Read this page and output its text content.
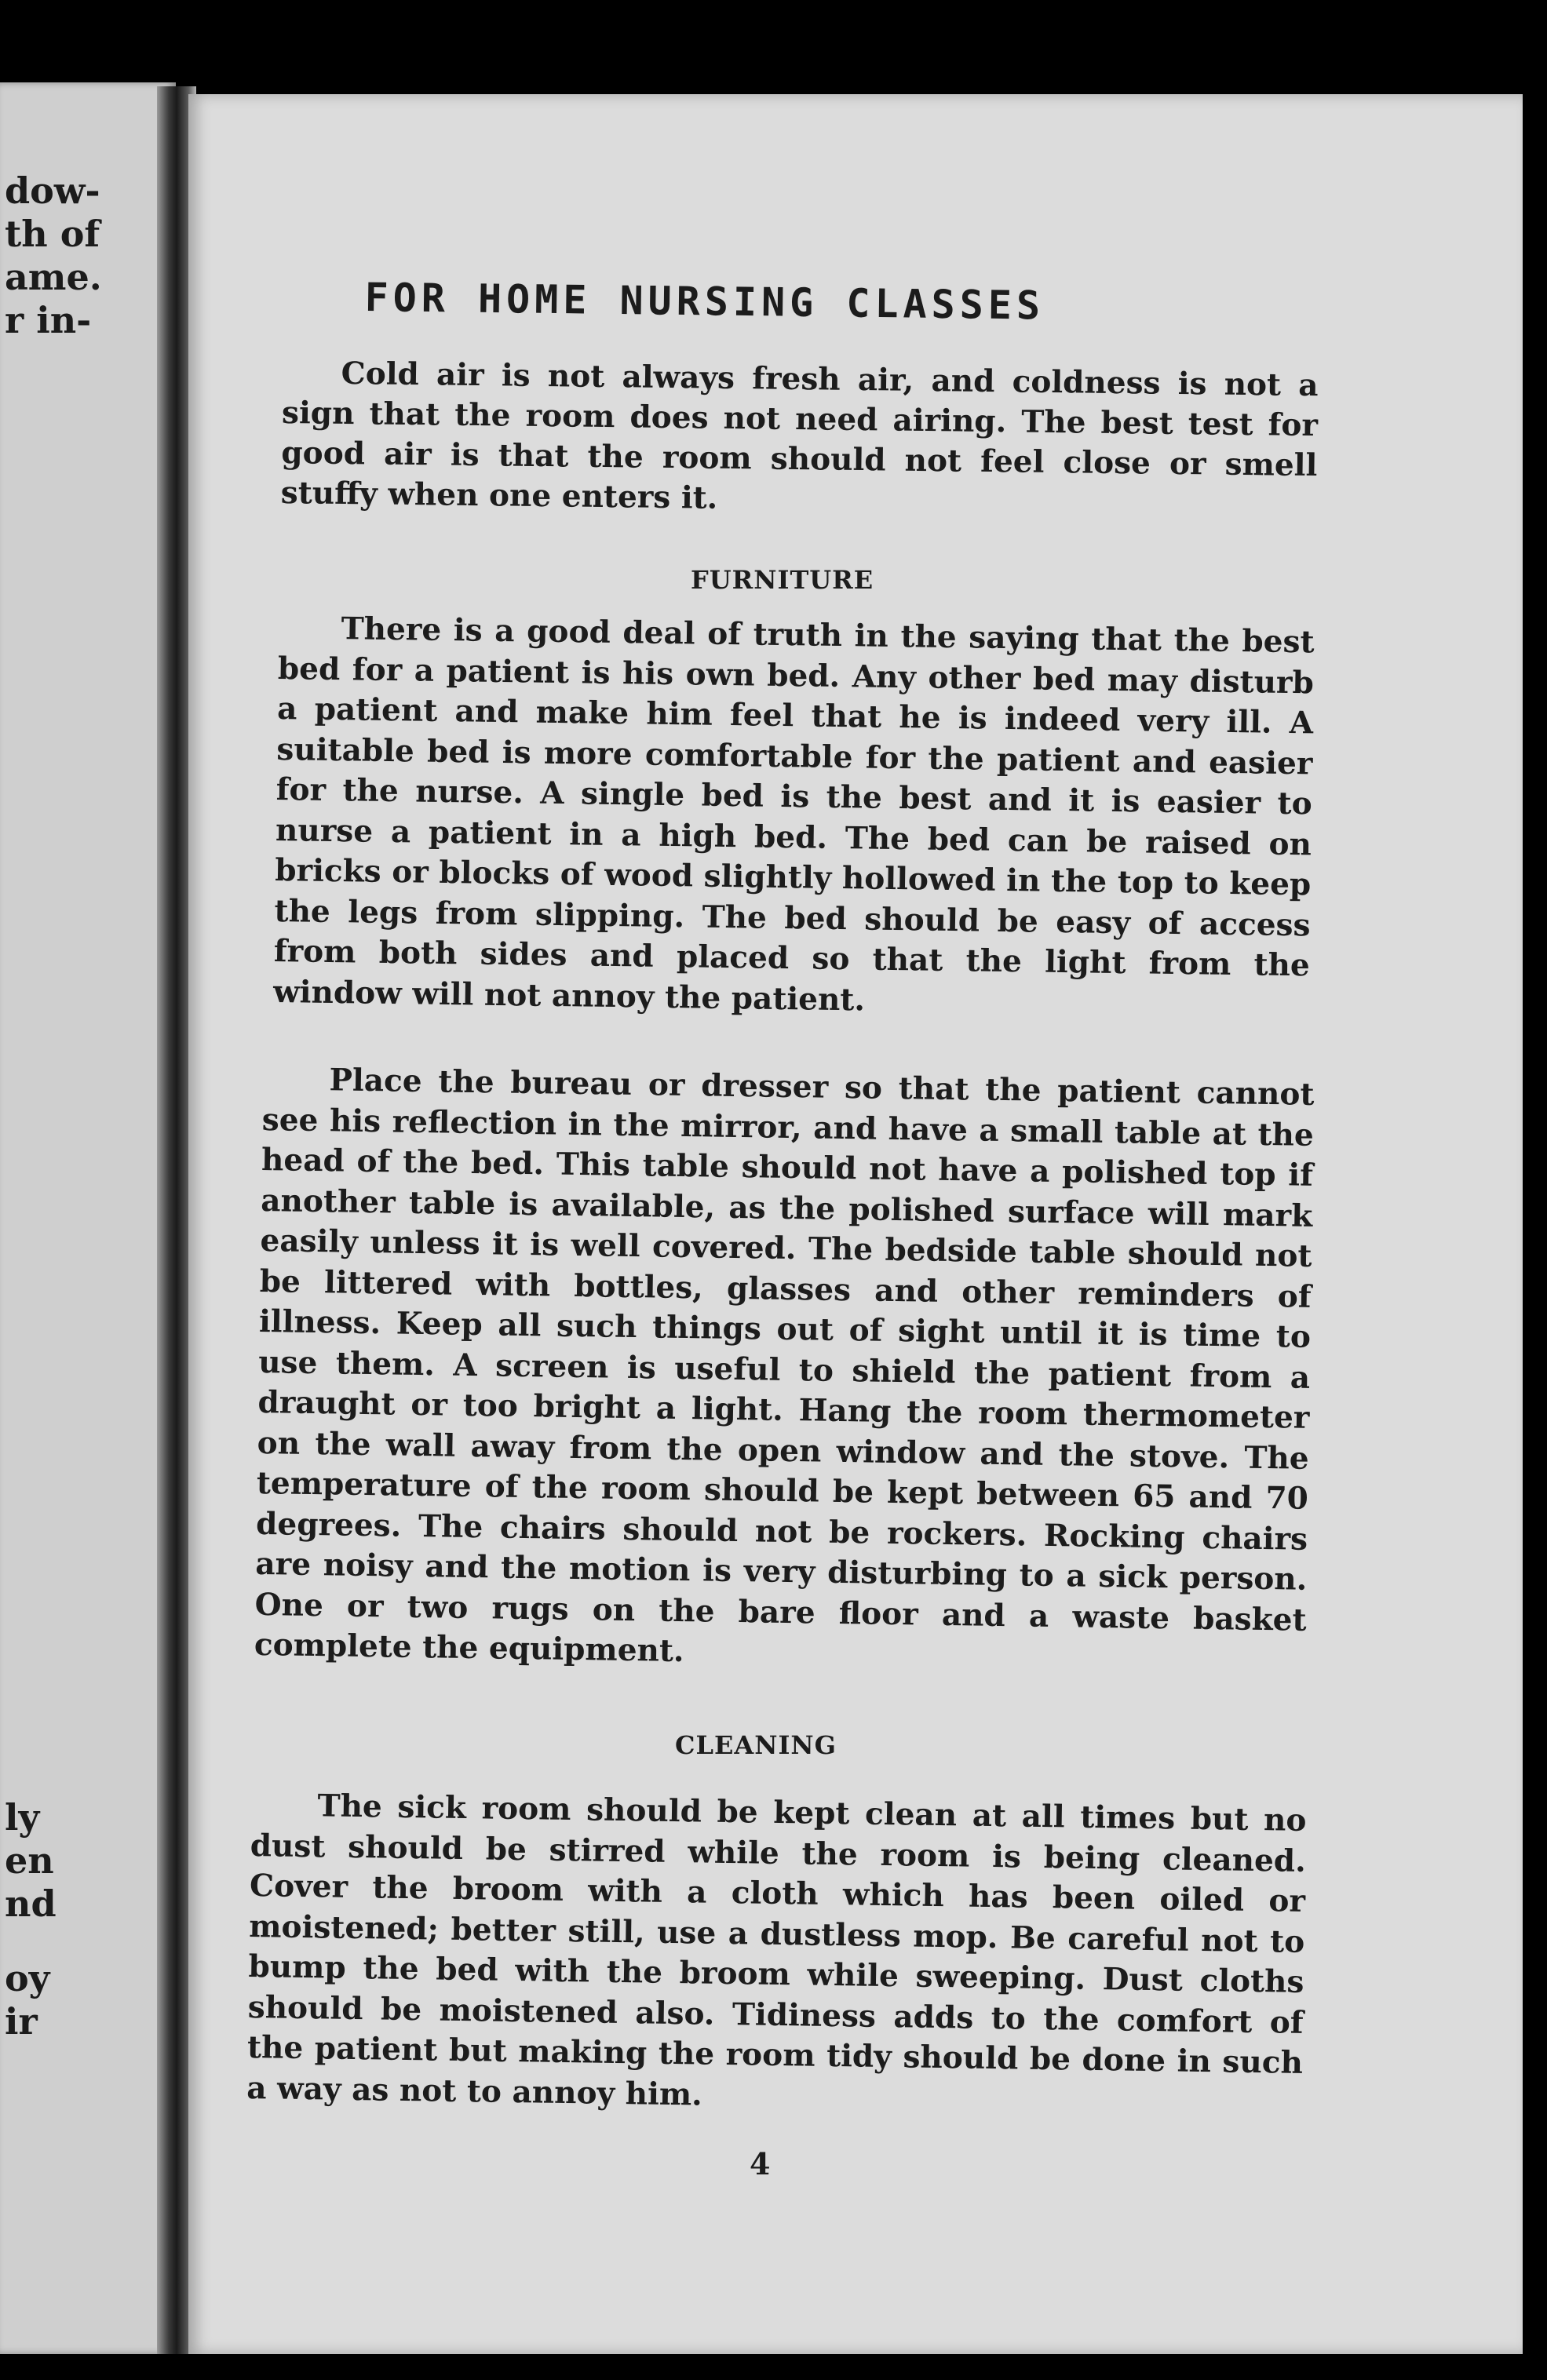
dow-

th of

ame.

r in-

ly

en

nd

oy

ir

FOR HOME NURSING CLASSES

Cold air is not always fresh air, and coldness is not a sign that the room does not need airing. The best test for good air is that the room should not feel close or smell stuffy when one enters it.

FURNITURE

There is a good deal of truth in the saying that the best bed for a patient is his own bed. Any other bed may disturb a patient and make him feel that he is indeed very ill. A suitable bed is more comfortable for the patient and easier for the nurse. A single bed is the best and it is easier to nurse a patient in a high bed. The bed can be raised on bricks or blocks of wood slightly hollowed in the top to keep the legs from slipping. The bed should be easy of access from both sides and placed so that the light from the window will not annoy the patient.

Place the bureau or dresser so that the patient cannot see his reflection in the mirror, and have a small table at the head of the bed. This table should not have a polished top if another table is available, as the polished surface will mark easily unless it is well covered. The bedside table should not be littered with bottles, glasses and other reminders of illness. Keep all such things out of sight until it is time to use them. A screen is useful to shield the patient from a draught or too bright a light. Hang the room thermometer on the wall away from the open window and the stove. The temperature of the room should be kept between 65 and 70 degrees. The chairs should not be rockers. Rocking chairs are noisy and the motion is very disturbing to a sick person. One or two rugs on the bare floor and a waste basket complete the equipment.

CLEANING

The sick room should be kept clean at all times but no dust should be stirred while the room is being cleaned. Cover the broom with a cloth which has been oiled or moistened; better still, use a dustless mop. Be careful not to bump the bed with the broom while sweeping. Dust cloths should be moistened also. Tidiness adds to the comfort of the patient but making the room tidy should be done in such a way as not to annoy him.

4
